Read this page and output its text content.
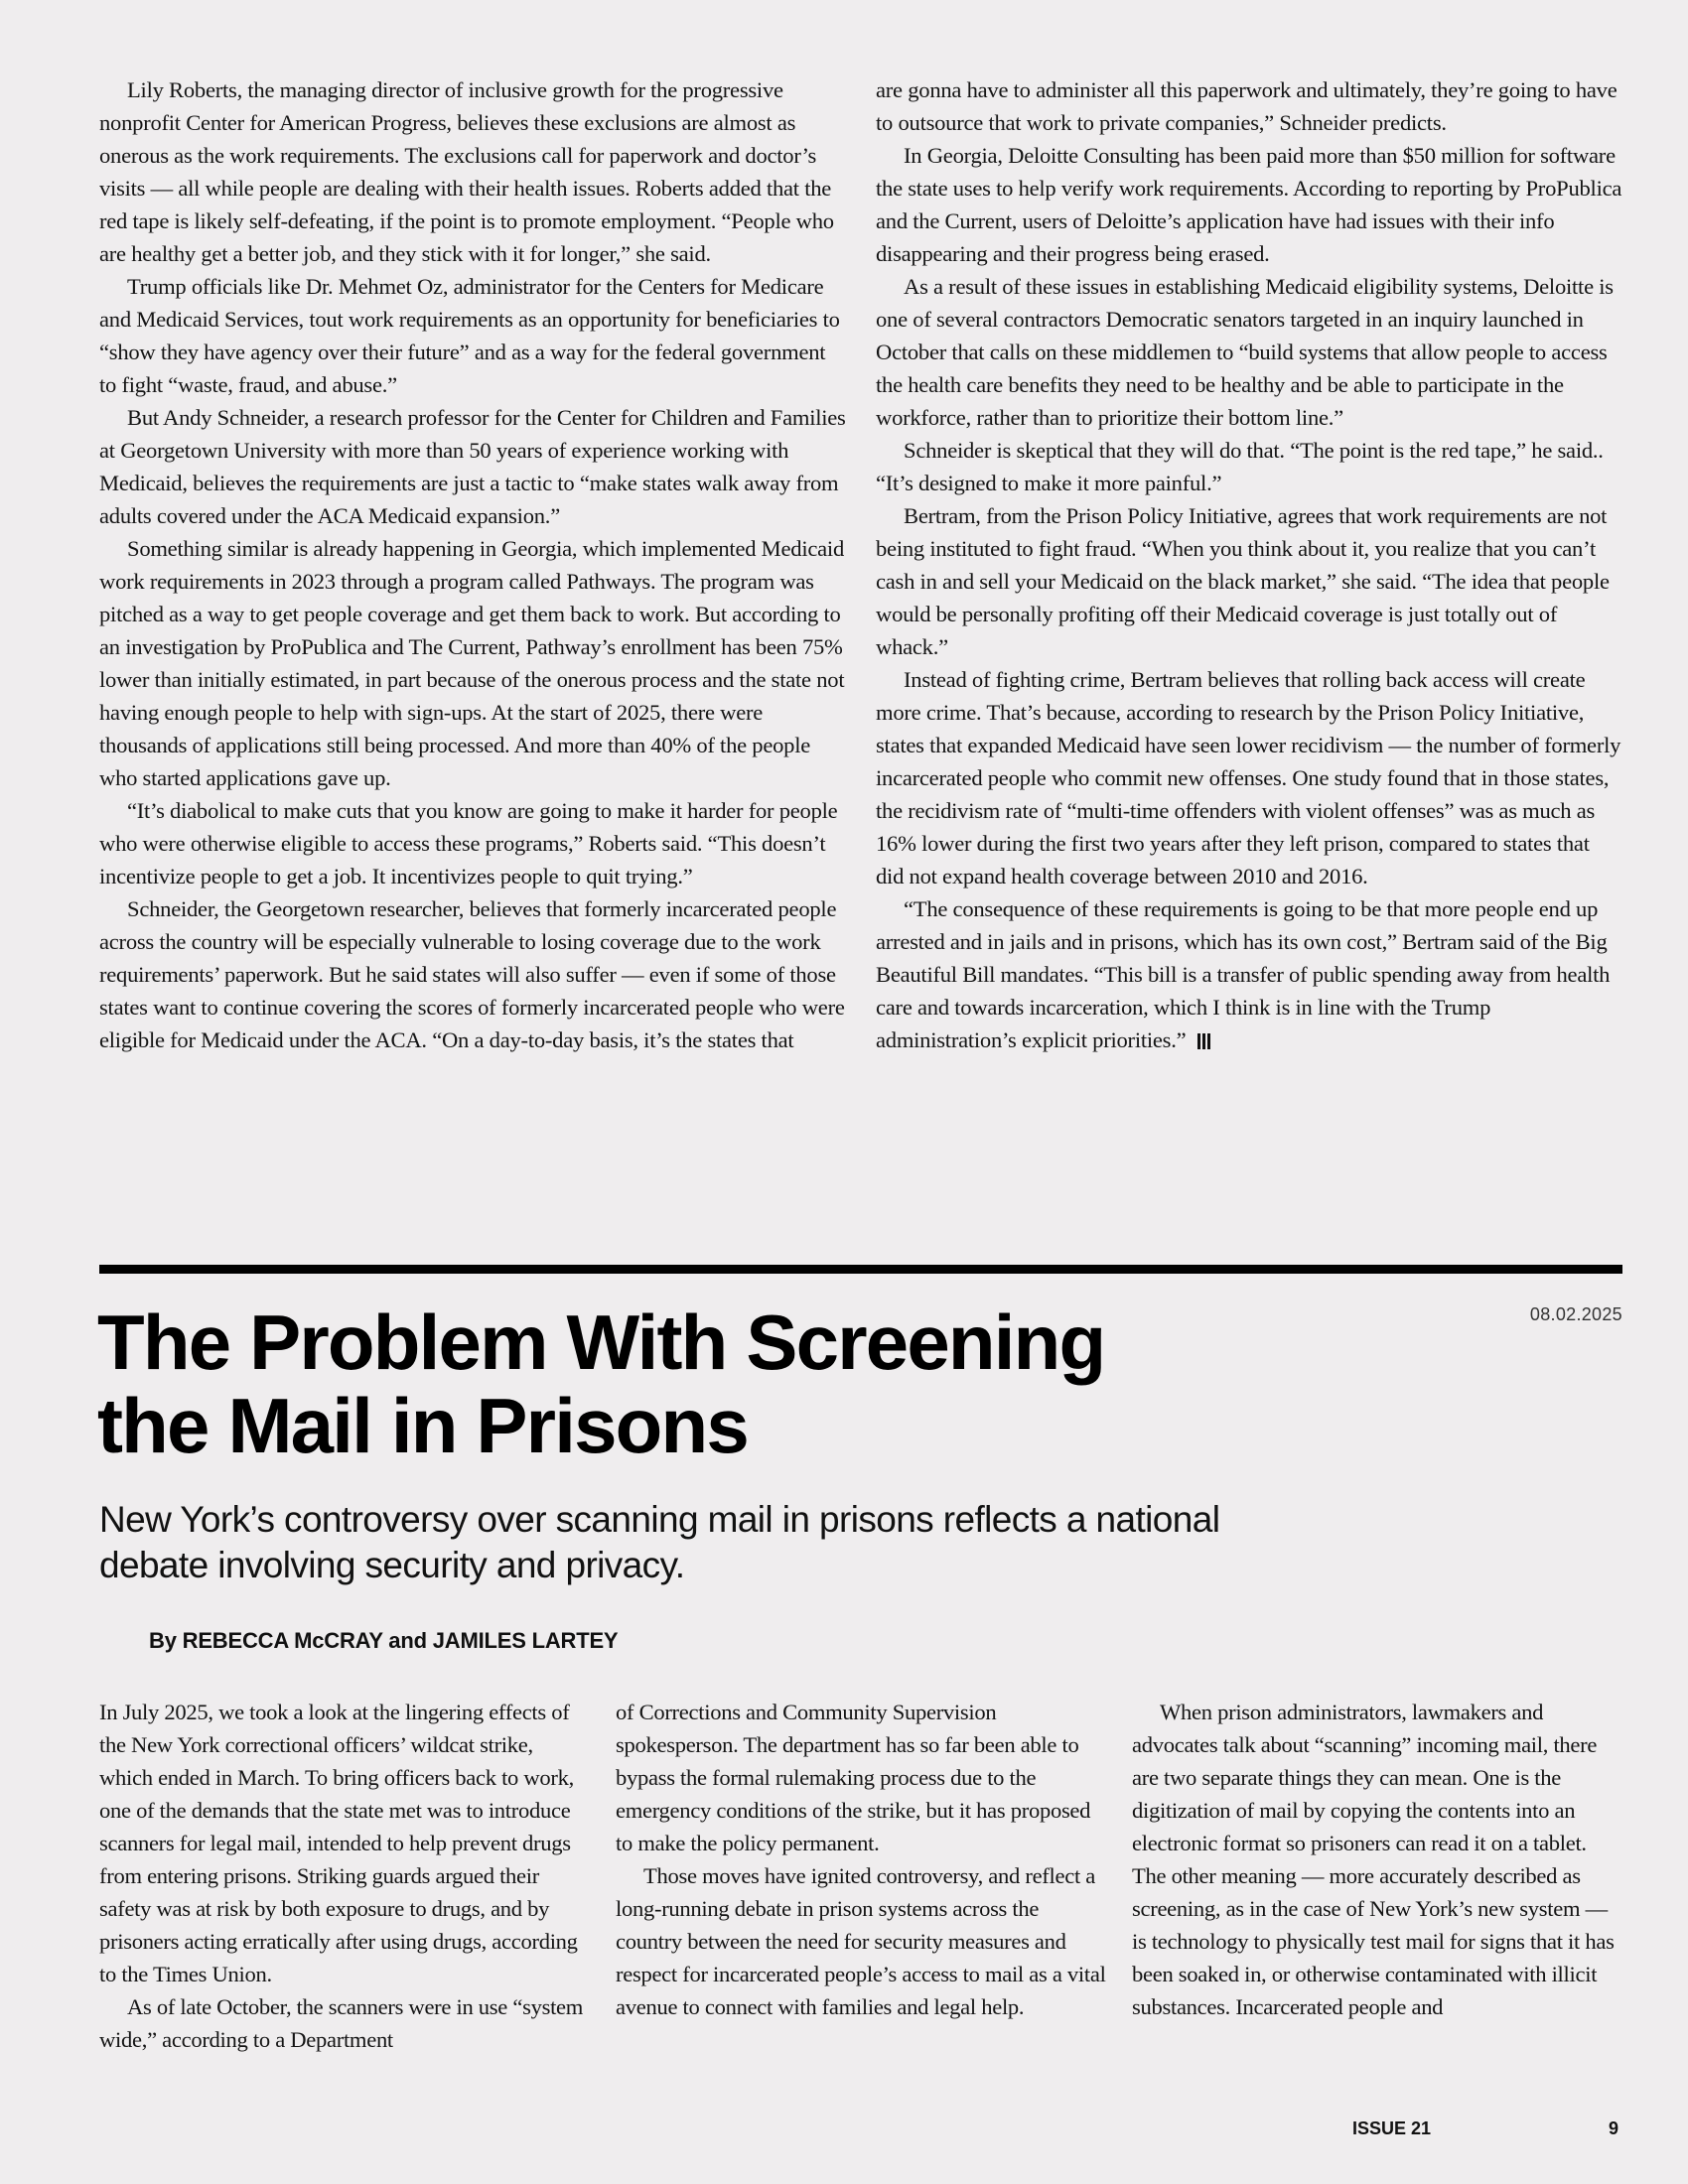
Lily Roberts, the managing director of inclusive growth for the progressive nonprofit Center for American Progress, believes these exclusions are almost as onerous as the work requirements. The exclusions call for paperwork and doctor’s visits — all while people are dealing with their health issues. Roberts added that the red tape is likely self-defeating, if the point is to promote employment. “People who are healthy get a better job, and they stick with it for longer,” she said.

Trump officials like Dr. Mehmet Oz, administrator for the Centers for Medicare and Medicaid Services, tout work requirements as an opportunity for beneficiaries to “show they have agency over their future” and as a way for the federal government to fight “waste, fraud, and abuse.”

But Andy Schneider, a research professor for the Center for Children and Families at Georgetown University with more than 50 years of experience working with Medicaid, believes the requirements are just a tactic to “make states walk away from adults covered under the ACA Medicaid expansion.”

Something similar is already happening in Georgia, which implemented Medicaid work requirements in 2023 through a program called Pathways. The program was pitched as a way to get people coverage and get them back to work. But according to an investigation by ProPublica and The Current, Pathway’s enrollment has been 75% lower than initially estimated, in part because of the onerous process and the state not having enough people to help with sign-ups. At the start of 2025, there were thousands of applications still being processed. And more than 40% of the people who started applications gave up.

“It’s diabolical to make cuts that you know are going to make it harder for people who were otherwise eligible to access these programs,” Roberts said. “This doesn’t incentivize people to get a job. It incentivizes people to quit trying.”

Schneider, the Georgetown researcher, believes that formerly incarcerated people across the country will be especially vulnerable to losing coverage due to the work requirements’ paperwork. But he said states will also suffer — even if some of those states want to continue covering the scores of formerly incarcerated people who were eligible for Medicaid under the ACA. “On a day-to-day basis, it’s the states that

are gonna have to administer all this paperwork and ultimately, they’re going to have to outsource that work to private companies,” Schneider predicts.

In Georgia, Deloitte Consulting has been paid more than $50 million for software the state uses to help verify work requirements. According to reporting by ProPublica and the Current, users of Deloitte’s application have had issues with their info disappearing and their progress being erased.

As a result of these issues in establishing Medicaid eligibility systems, Deloitte is one of several contractors Democratic senators targeted in an inquiry launched in October that calls on these middlemen to “build systems that allow people to access the health care benefits they need to be healthy and be able to participate in the workforce, rather than to prioritize their bottom line.”

Schneider is skeptical that they will do that. “The point is the red tape,” he said.. “It’s designed to make it more painful.”

Bertram, from the Prison Policy Initiative, agrees that work requirements are not being instituted to fight fraud. “When you think about it, you realize that you can’t cash in and sell your Medicaid on the black market,” she said. “The idea that people would be personally profiting off their Medicaid coverage is just totally out of whack.”

Instead of fighting crime, Bertram believes that rolling back access will create more crime. That’s because, according to research by the Prison Policy Initiative, states that expanded Medicaid have seen lower recidivism — the number of formerly incarcerated people who commit new offenses. One study found that in those states, the recidivism rate of “multi-time offenders with violent offenses” was as much as 16% lower during the first two years after they left prison, compared to states that did not expand health coverage between 2010 and 2016.

“The consequence of these requirements is going to be that more people end up arrested and in jails and in prisons, which has its own cost,” Bertram said of the Big Beautiful Bill mandates. “This bill is a transfer of public spending away from health care and towards incarceration, which I think is in line with the Trump administration’s explicit priorities.”

08.02.2025
The Problem With Screening the Mail in Prisons
New York’s controversy over scanning mail in prisons reflects a national debate involving security and privacy.
By REBECCA McCRAY and JAMILES LARTEY

In July 2025, we took a look at the lingering effects of the New York correctional officers’ wildcat strike, which ended in March. To bring officers back to work, one of the demands that the state met was to introduce scanners for legal mail, intended to help prevent drugs from entering prisons. Striking guards argued their safety was at risk by both exposure to drugs, and by prisoners acting erratically after using drugs, according to the Times Union.

As of late October, the scanners were in use “system wide,” according to a Department

of Corrections and Community Supervision spokesperson. The department has so far been able to bypass the formal rulemaking process due to the emergency conditions of the strike, but it has proposed to make the policy permanent.

Those moves have ignited controversy, and reflect a long-running debate in prison systems across the country between the need for security measures and respect for incarcerated people’s access to mail as a vital avenue to connect with families and legal help.

When prison administrators, lawmakers and advocates talk about “scanning” incoming mail, there are two separate things they can mean. One is the digitization of mail by copying the contents into an electronic format so prisoners can read it on a tablet. The other meaning — more accurately described as screening, as in the case of New York’s new system — is technology to physically test mail for signs that it has been soaked in, or otherwise contaminated with illicit substances. Incarcerated people and

ISSUE 21	9
